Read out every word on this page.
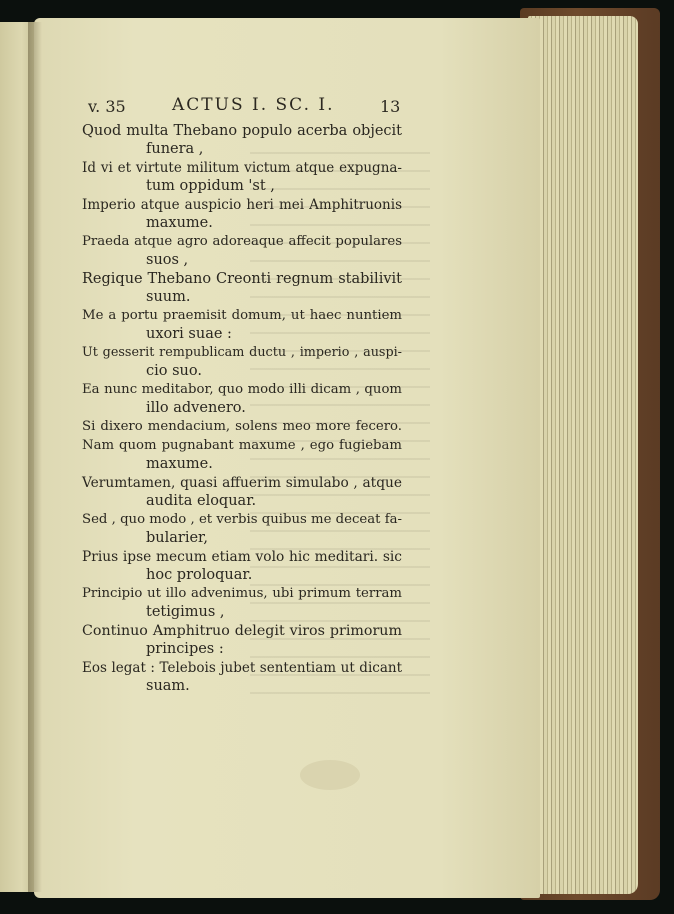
v. 35	ACTUS I. SC. I.	13
Quod multa Thebano populo acerba objecit
funera ,
Id vi et virtute militum victum atque expugna-
tum oppidum 'st ,
Imperio atque auspicio heri mei Amphitruonis
maxume.
Praeda atque agro adoreaque affecit populares
suos ,
Regique Thebano Creonti regnum stabilivit
suum.
Me a portu praemisit domum, ut haec nuntiem
uxori suae :
Ut gesserit rempublicam ductu , imperio , auspi-
cio suo.
Ea nunc meditabor, quo modo illi dicam , quom
illo advenero.
Si dixero mendacium, solens meo more fecero.
Nam quom pugnabant maxume , ego fugiebam
maxume.
Verumtamen, quasi affuerim simulabo , atque
audita eloquar.
Sed , quo modo , et verbis quibus me deceat fa-
bularier,
Prius ipse mecum etiam volo hic meditari. sic
hoc proloquar.
Principio ut illo advenimus, ubi primum terram
tetigimus ,
Continuo Amphitruo delegit viros primorum
principes :
Eos legat : Telebois jubet sententiam ut dicant
suam.
